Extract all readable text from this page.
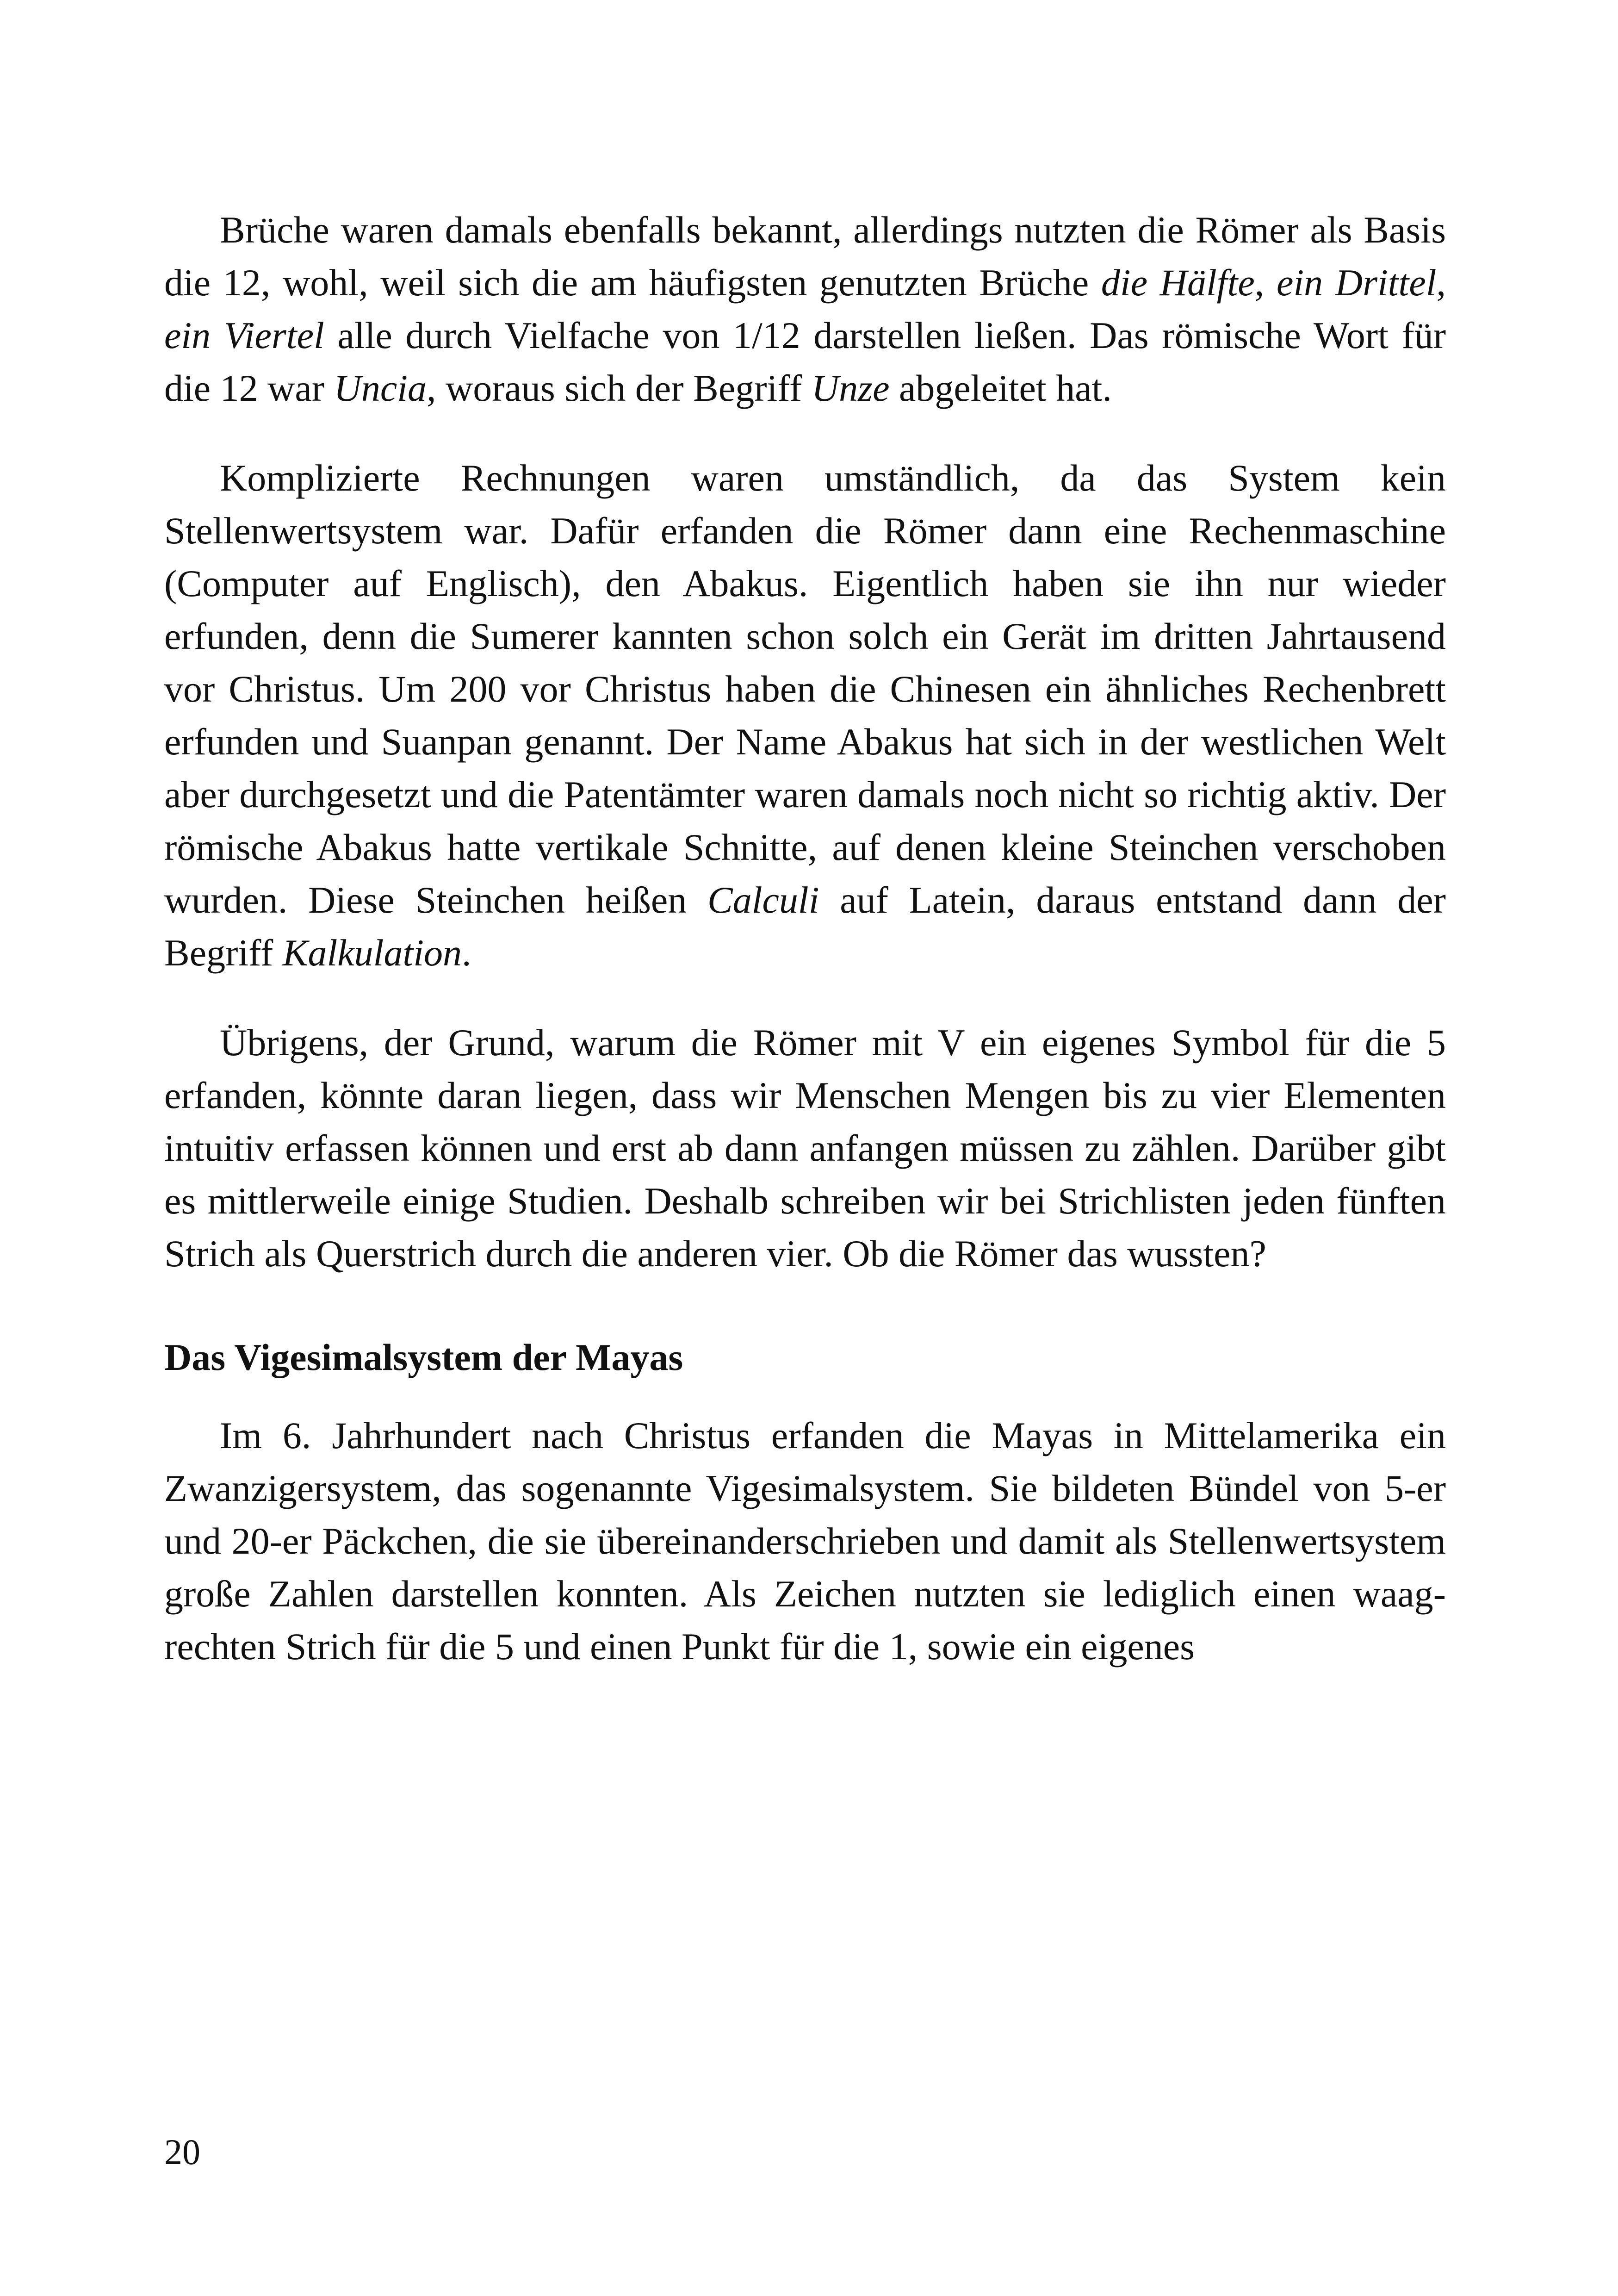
Brüche waren damals ebenfalls bekannt, allerdings nutzten die Römer als Basis die 12, wohl, weil sich die am häufigsten genutzten Brüche die Hälfte, ein Drittel, ein Viertel alle durch Vielfache von 1/12 darstellen ließen. Das römische Wort für die 12 war Uncia, woraus sich der Begriff Unze abgeleitet hat.

Komplizierte Rechnungen waren umständlich, da das System kein Stellenwertsystem war. Dafür erfanden die Römer dann eine Rechenmaschine (Computer auf Englisch), den Abakus. Eigentlich haben sie ihn nur wieder erfunden, denn die Sumerer kannten schon solch ein Gerät im dritten Jahrtausend vor Christus. Um 200 vor Christus haben die Chinesen ein ähnliches Rechenbrett erfunden und Suanpan genannt. Der Name Abakus hat sich in der westlichen Welt aber durchgesetzt und die Patentämter waren damals noch nicht so richtig aktiv. Der römische Abakus hatte vertikale Schnitte, auf denen kleine Steinchen verschoben wurden. Diese Steinchen heißen Calculi auf Latein, daraus entstand dann der Begriff Kalkulation.

Übrigens, der Grund, warum die Römer mit V ein eigenes Symbol für die 5 erfanden, könnte daran liegen, dass wir Menschen Mengen bis zu vier Elementen intuitiv erfassen können und erst ab dann anfangen müssen zu zählen. Darüber gibt es mittlerweile einige Studien. Deshalb schreiben wir bei Strichlisten jeden fünften Strich als Querstrich durch die anderen vier. Ob die Römer das wussten?

Das Vigesimalsystem der Mayas

Im 6. Jahrhundert nach Christus erfanden die Mayas in Mittelamerika ein Zwanzigersystem, das sogenannte Vigesimalsystem. Sie bildeten Bündel von 5-er und 20-er Päckchen, die sie übereinanderschrieben und damit als Stellenwertsystem große Zahlen darstellen konnten. Als Zeichen nutzten sie lediglich einen waagrechten Strich für die 5 und einen Punkt für die 1, sowie ein eigenes

20
